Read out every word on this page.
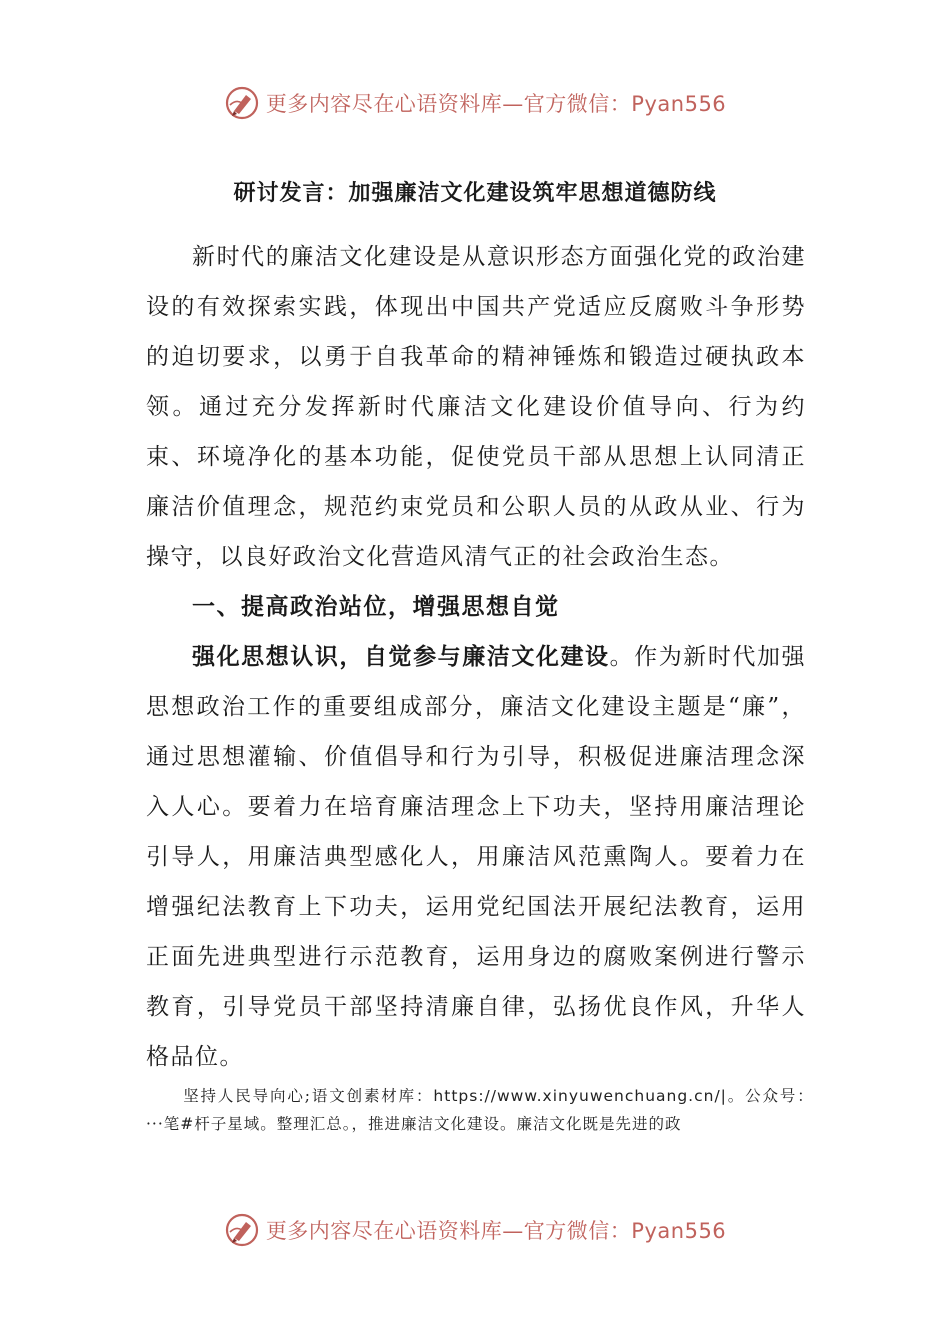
更多内容尽在心语资料库—官方微信：Pyan556
研讨发言：加强廉洁文化建设筑牢思想道德防线

新时代的廉洁文化建设是从意识形态方面强化党的政治建设的有效探索实践，体现出中国共产党适应反腐败斗争形势的迫切要求，以勇于自我革命的精神锤炼和锻造过硬执政本领。通过充分发挥新时代廉洁文化建设价值导向、行为约束、环境净化的基本功能，促使党员干部从思想上认同清正廉洁价值理念，规范约束党员和公职人员的从政从业、行为操守，以良好政治文化营造风清气正的社会政治生态。

一、提高政治站位，增强思想自觉

强化思想认识，自觉参与廉洁文化建设。作为新时代加强思想政治工作的重要组成部分，廉洁文化建设主题是“廉”，通过思想灌输、价值倡导和行为引导，积极促进廉洁理念深入人心。要着力在培育廉洁理念上下功夫，坚持用廉洁理论引导人，用廉洁典型感化人，用廉洁风范熏陶人。要着力在增强纪法教育上下功夫，运用党纪国法开展纪法教育，运用正面先进典型进行示范教育，运用身边的腐败案例进行警示教育，引导党员干部坚持清廉自律，弘扬优良作风，升华人格品位。

坚持人民导向心;语文创素材库：https://www.xinyuwenchuang.cn/|。公众号：···笔#杆子星域。整理汇总。，推进廉洁文化建设。廉洁文化既是先进的政

更多内容尽在心语资料库—官方微信：Pyan556
